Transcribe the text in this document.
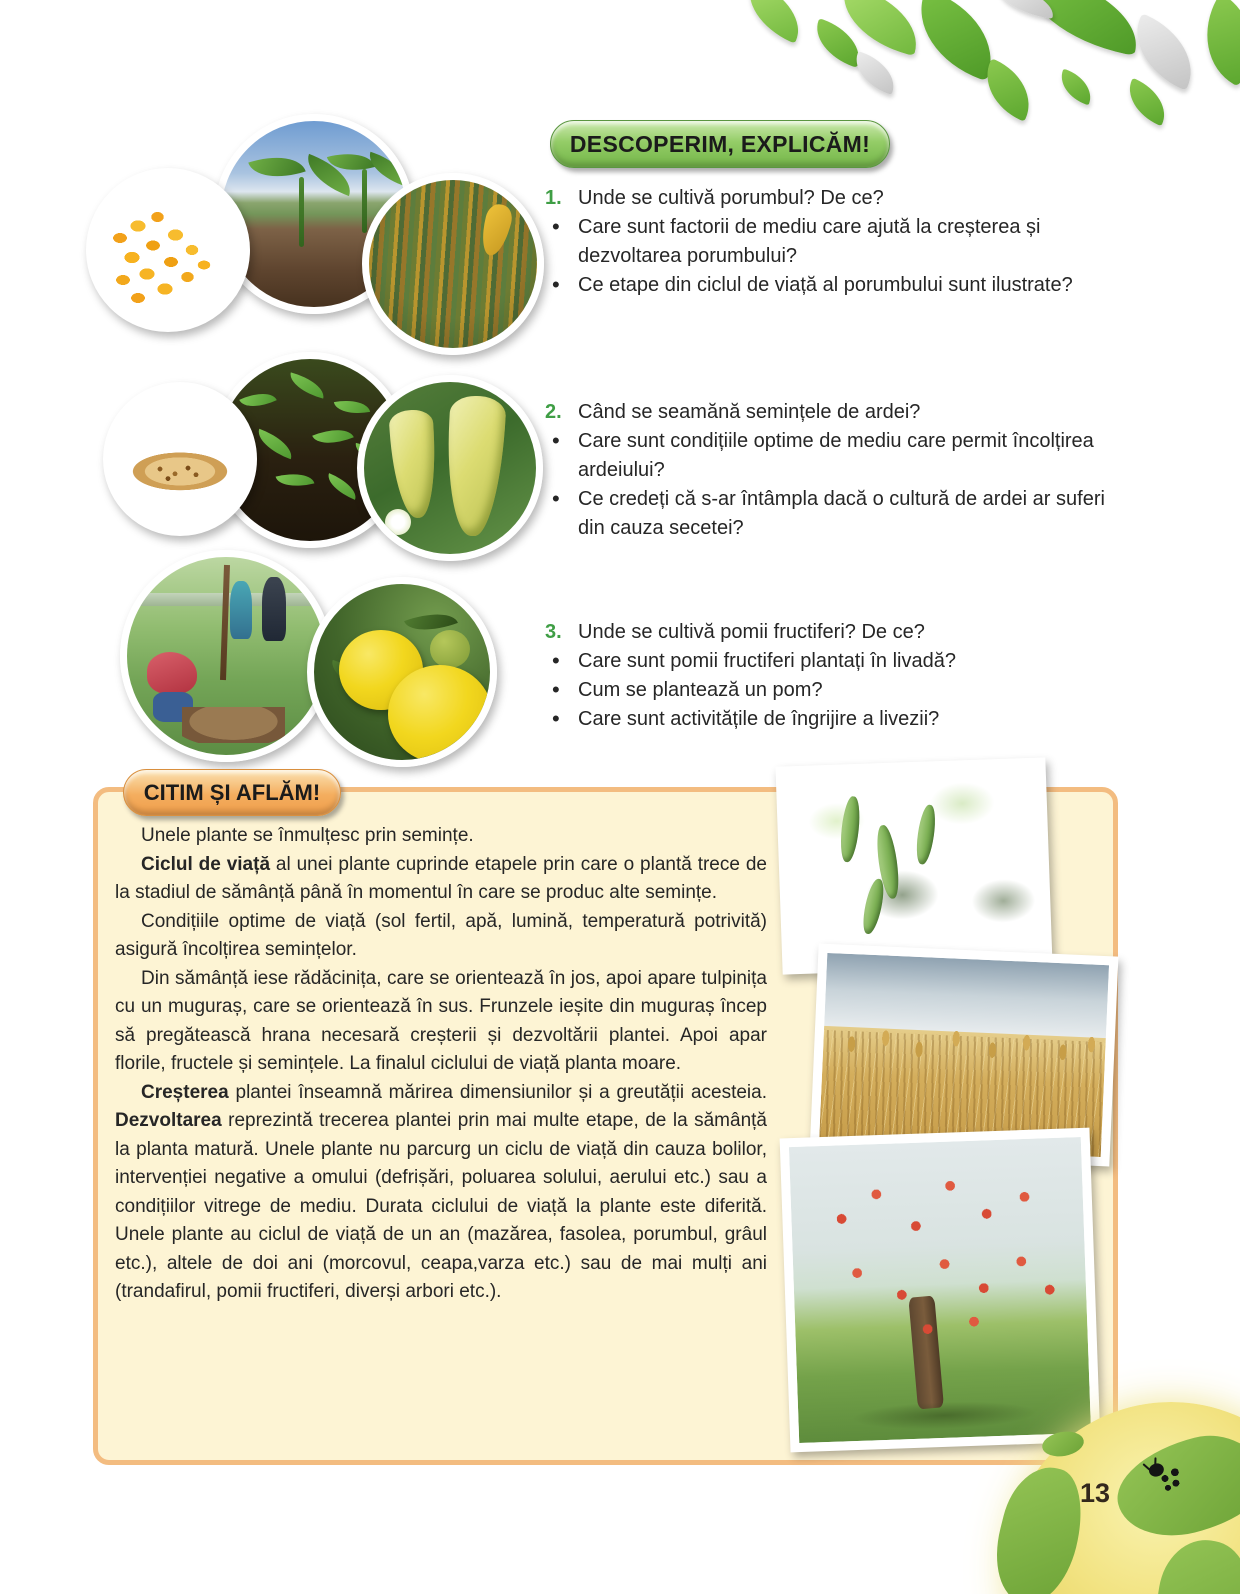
DESCOPERIM, EXPLICĂM!
1. Unde se cultivă porumbul? De ce?
• Care sunt factorii de mediu care ajută la creșterea și dezvoltarea porumbului?
• Ce etape din ciclul de viață al porumbului sunt ilustrate?
2. Când se seamănă semințele de ardei?
• Care sunt condițiile optime de mediu care permit încolțirea ardeiului?
• Ce credeți că s-ar întâmpla dacă o cultură de ardei ar suferi din cauza secetei?
3. Unde se cultivă pomii fructiferi? De ce?
• Care sunt pomii fructiferi plantați în livadă?
• Cum se plantează un pom?
• Care sunt activitățile de îngrijire a livezii?
CITIM ȘI AFLĂM!

Unele plante se înmulțesc prin semințe.

Ciclul de viață al unei plante cuprinde etapele prin care o plantă trece de la stadiul de sămânță până în momentul în care se produc alte semințe.

Condițiile optime de viață (sol fertil, apă, lumină, temperatură potrivită) asigură încolțirea semințelor.

Din sămânță iese rădăcinița, care se orientează în jos, apoi apare tulpinița cu un muguraș, care se orientează în sus. Frunzele ieșite din muguraș încep să pregătească hrana necesară creșterii și dezvoltării plantei. Apoi apar florile, fructele și semințele. La finalul ciclului de viață planta moare.

Creșterea plantei înseamnă mărirea dimensiunilor și a greutății acesteia. Dezvoltarea reprezintă trecerea plantei prin mai multe etape, de la sămânță la planta matură. Unele plante nu parcurg un ciclu de viață din cauza bolilor, intervenției negative a omului (defrișări, poluarea solului, aerului etc.) sau a condițiilor vitrege de mediu. Durata ciclului de viață la plante este diferită. Unele plante au ciclul de viață de un an (mazărea, fasolea, porumbul, grâul etc.), altele de doi ani (morcovul, ceapa,varza etc.) sau de mai mulți ani (trandafirul, pomii fructiferi, diverși arbori etc.).

13
